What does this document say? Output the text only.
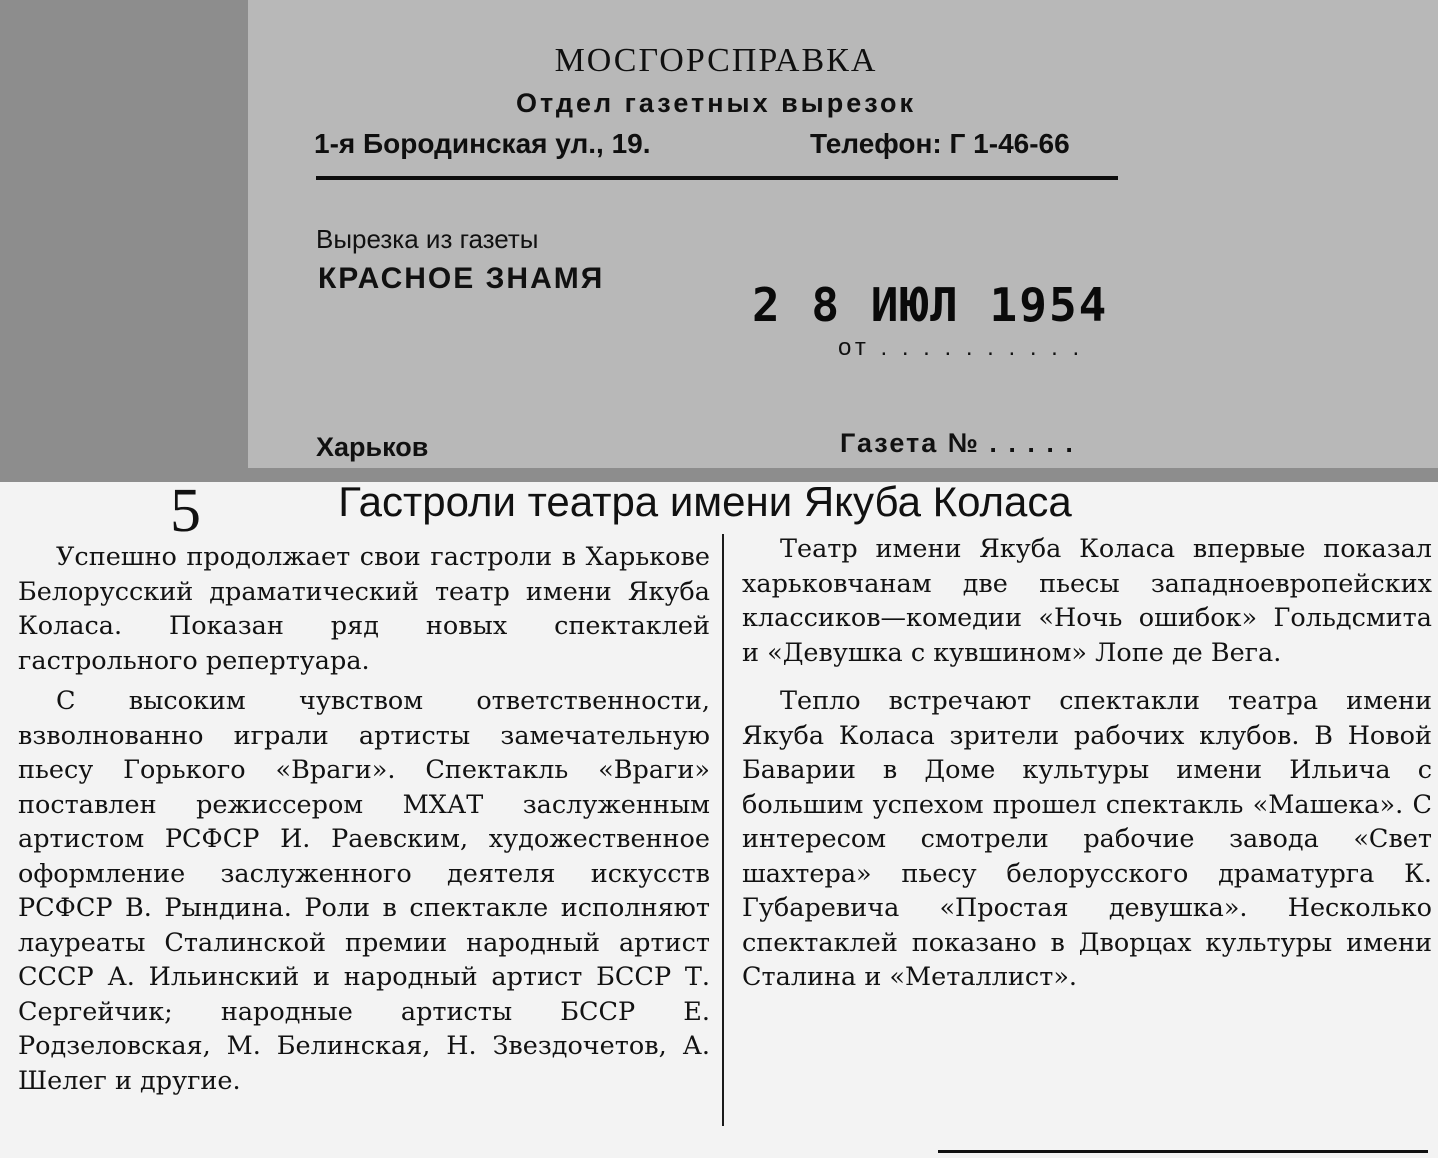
МОСГОРСПРАВКА
Отдел газетных вырезок
1-я Бородинская ул., 19.	Телефон: Г 1-46-66
Вырезка из газеты
КРАСНОЕ ЗНАМЯ	2 8 ИЮЛ 1954
от . . . . . . . . . .
Харьков	Газета № . . . . .
5	Гастроли театра имени Якуба Коласа

Успешно продолжает свои гастроли в Харькове Белорусский драматический театр имени Якуба Коласа. Показан ряд новых спектаклей гастрольного репертуара.

С высоким чувством ответственности, взволнованно играли артисты замечательную пьесу Горького «Враги». Спектакль «Враги» поставлен режиссером МХАТ заслуженным артистом РСФСР И. Раевским, художественное оформление заслуженного деятеля искусств РСФСР В. Рындина. Роли в спектакле исполняют лауреаты Сталинской премии народный артист СССР А. Ильинский и народный артист БССР Т. Сергейчик; народные артисты БССР Е. Родзеловская, М. Белинская, Н. Звездочетов, А. Шелег и другие.

Театр имени Якуба Коласа впервые показал харьковчанам две пьесы западноевропейских классиков—комедии «Ночь ошибок» Гольдсмита и «Девушка с кувшином» Лопе де Вега.

Тепло встречают спектакли театра имени Якуба Коласа зрители рабочих клубов. В Новой Баварии в Доме культуры имени Ильича с большим успехом прошел спектакль «Машека». С интересом смотрели рабочие завода «Свет шахтера» пьесу белорусского драматурга К. Губаревича «Простая девушка». Несколько спектаклей показано в Дворцах культуры имени Сталина и «Металлист».
